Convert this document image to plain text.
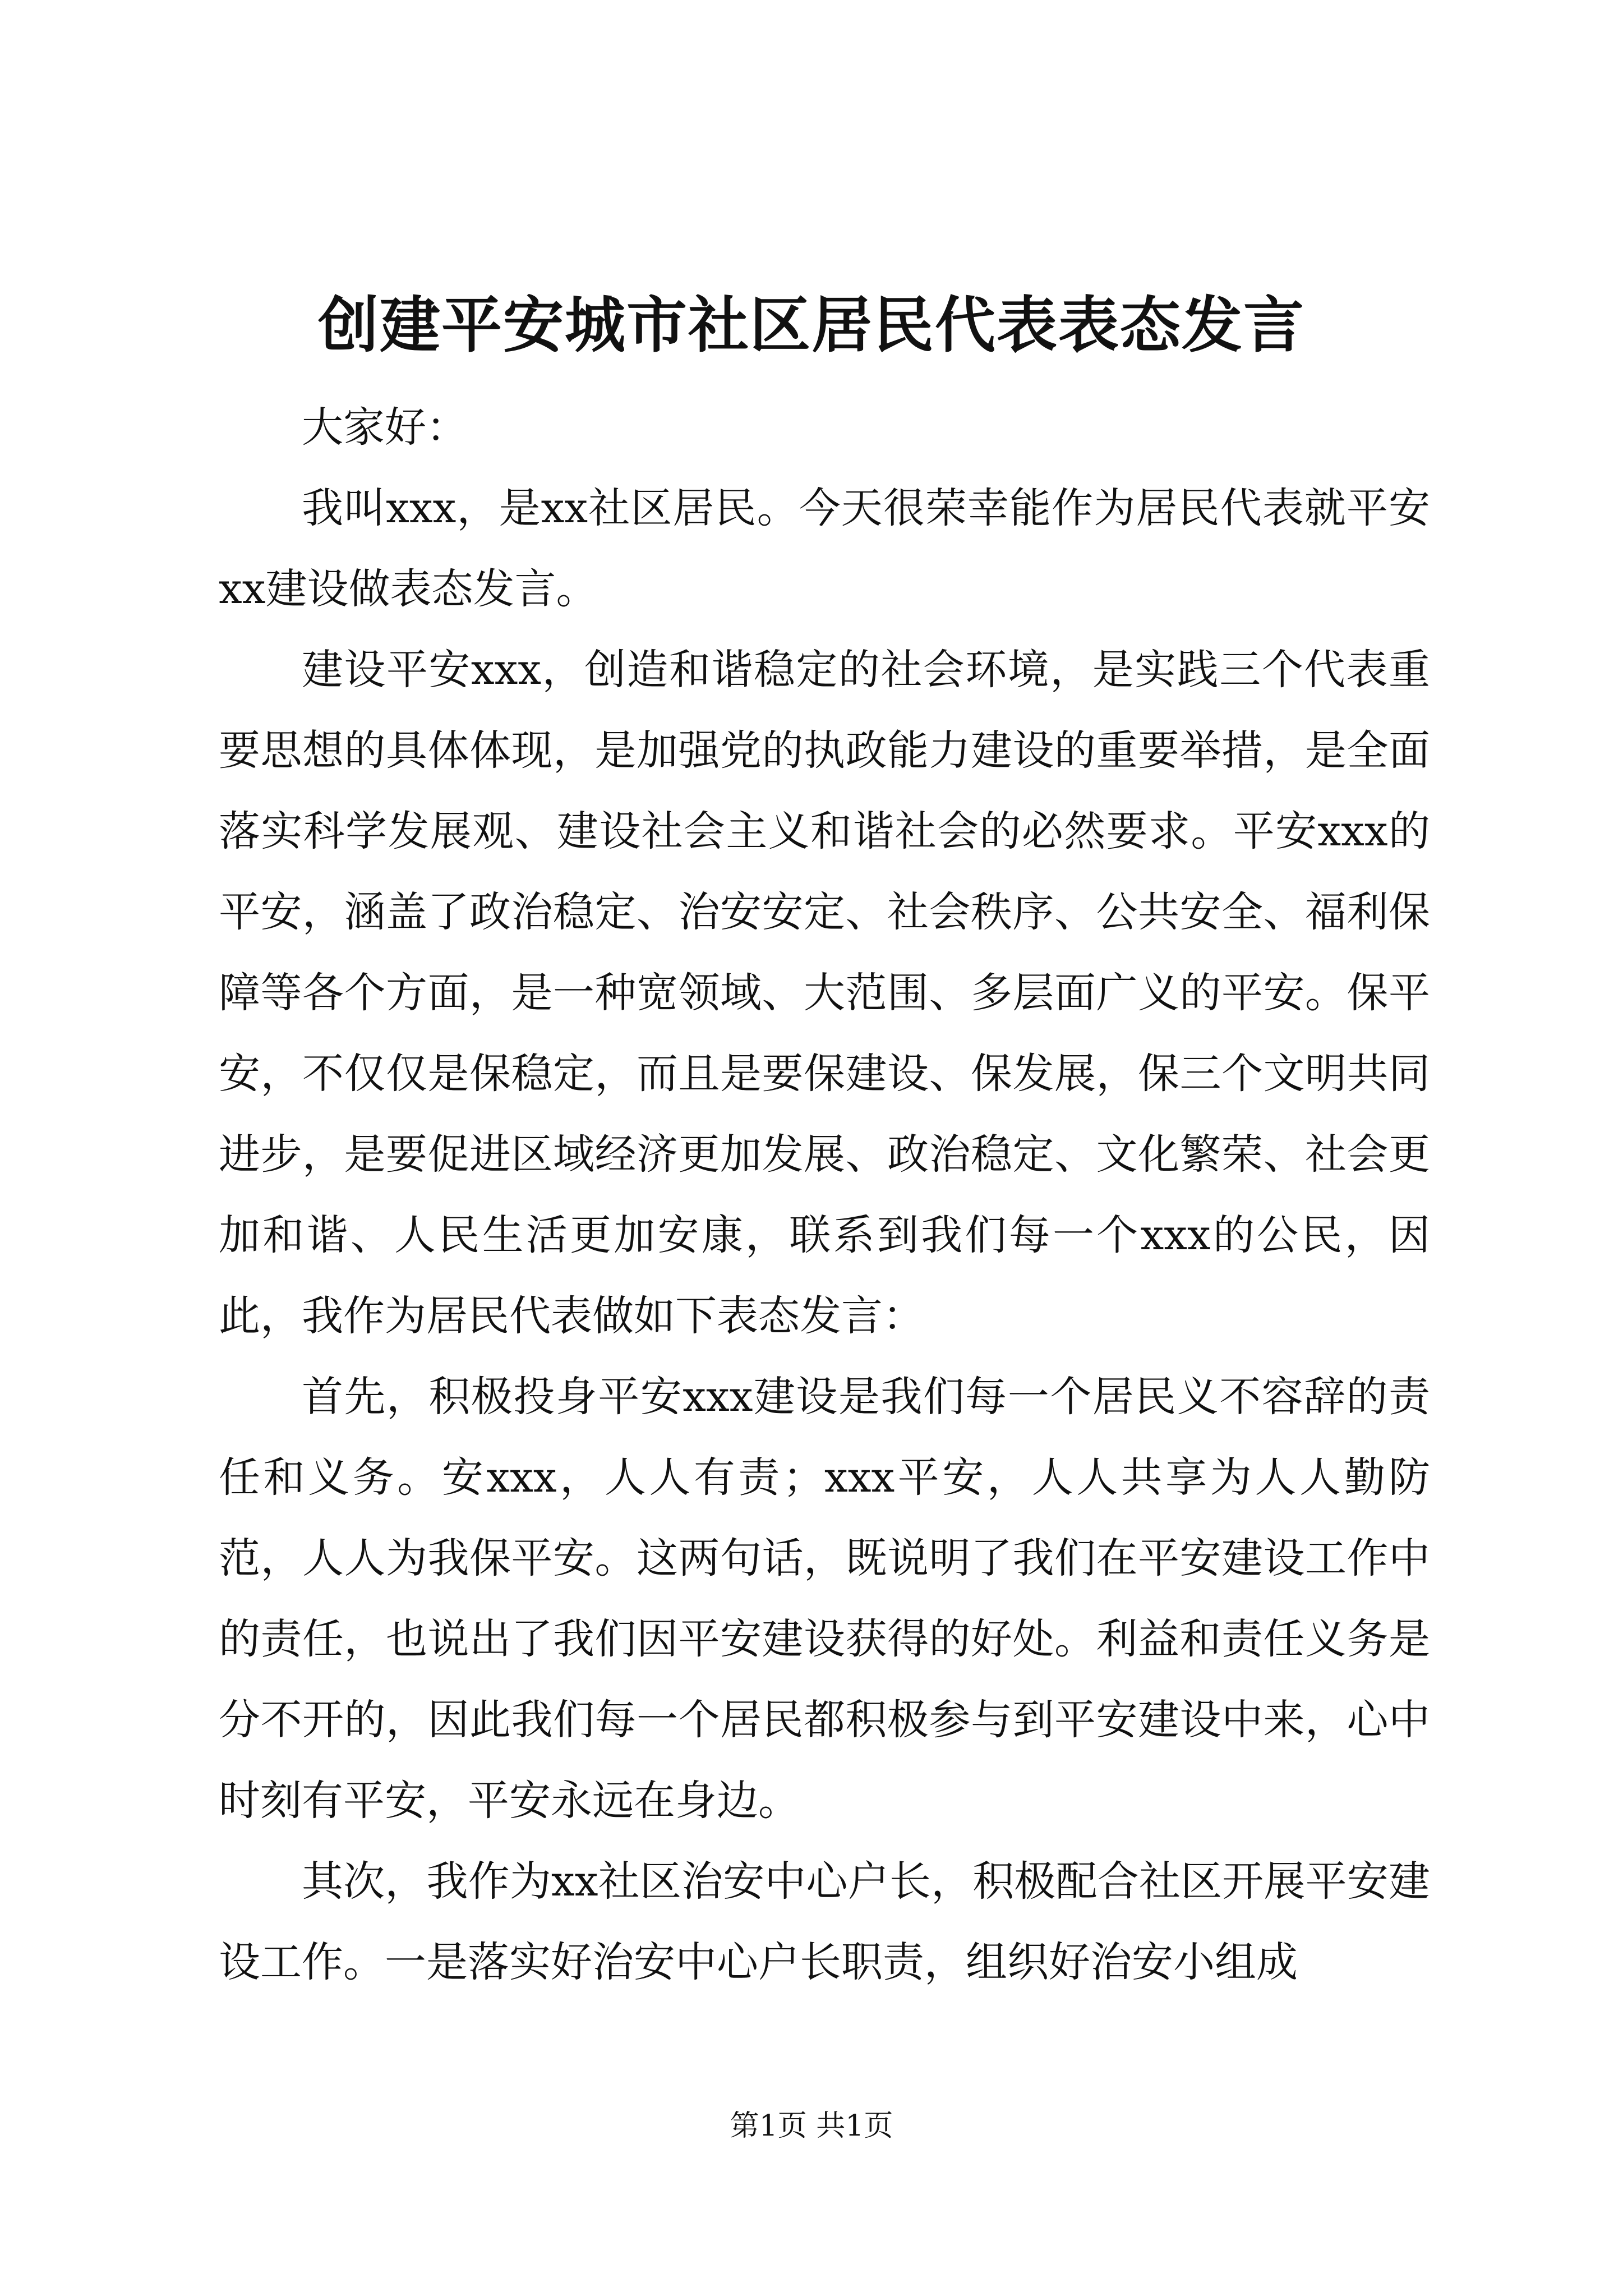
创建平安城市社区居民代表表态发言

大家好：

我叫xxx，是xx社区居民。今天很荣幸能作为居民代表就平安xx建设做表态发言。

建设平安xxx，创造和谐稳定的社会环境，是实践三个代表重要思想的具体体现，是加强党的执政能力建设的重要举措，是全面落实科学发展观、建设社会主义和谐社会的必然要求。平安xxx的平安，涵盖了政治稳定、治安安定、社会秩序、公共安全、福利保障等各个方面，是一种宽领域、大范围、多层面广义的平安。保平安，不仅仅是保稳定，而且是要保建设、保发展，保三个文明共同进步，是要促进区域经济更加发展、政治稳定、文化繁荣、社会更加和谐、人民生活更加安康，联系到我们每一个xxx的公民，因此，我作为居民代表做如下表态发言：

首先，积极投身平安xxx建设是我们每一个居民义不容辞的责任和义务。安xxx，人人有责；xxx平安，人人共享为人人勤防范，人人为我保平安。这两句话，既说明了我们在平安建设工作中的责任，也说出了我们因平安建设获得的好处。利益和责任义务是分不开的，因此我们每一个居民都积极参与到平安建设中来，心中时刻有平安，平安永远在身边。

其次，我作为xx社区治安中心户长，积极配合社区开展平安建设工作。一是落实好治安中心户长职责，组织好治安小组成

第1页 共1页
